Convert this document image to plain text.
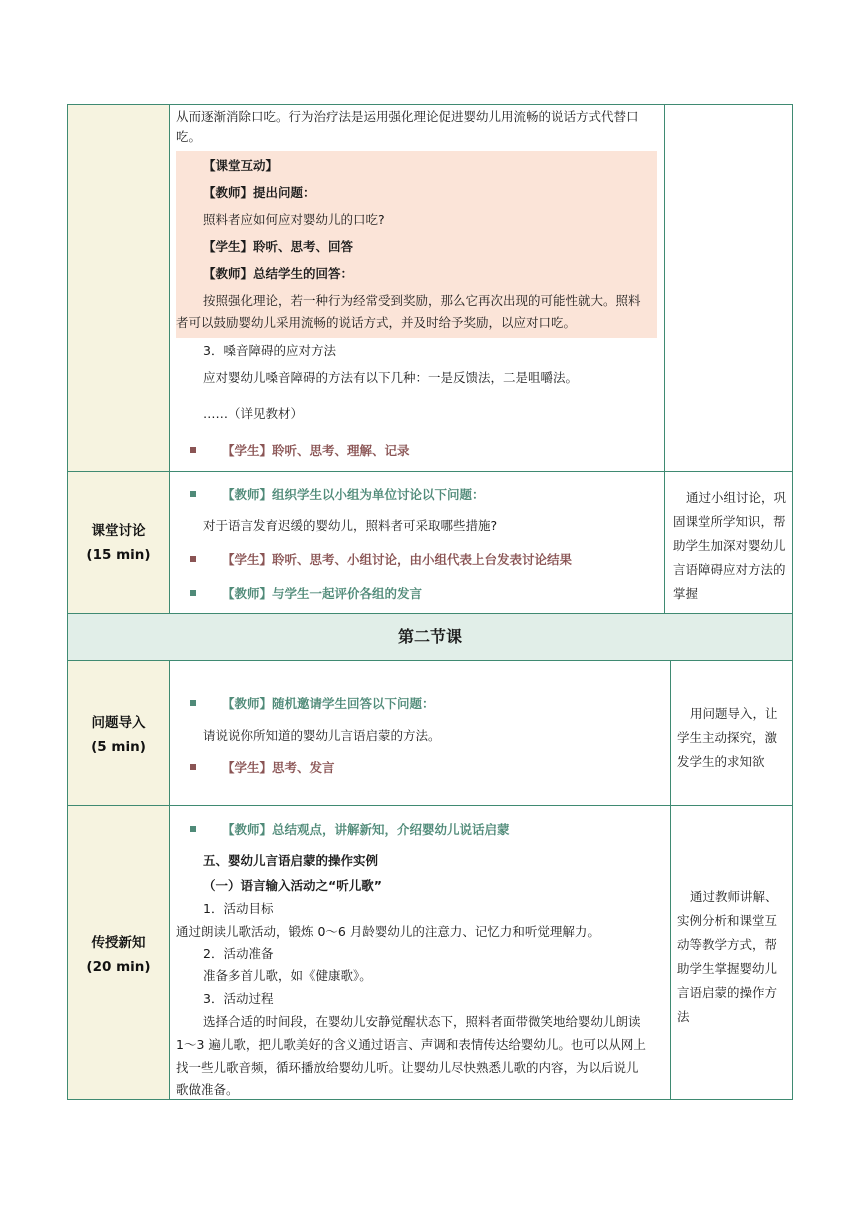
从而逐渐消除口吃。行为治疗法是运用强化理论促进婴幼儿用流畅的说话方式代替口
吃。
【课堂互动】
【教师】提出问题：
照料者应如何应对婴幼儿的口吃?
【学生】聆听、思考、回答
【教师】总结学生的回答：
按照强化理论，若一种行为经常受到奖励，那么它再次出现的可能性就大。照料
者可以鼓励婴幼儿采用流畅的说话方式，并及时给予奖励，以应对口吃。
3．嗓音障碍的应对方法
应对婴幼儿嗓音障碍的方法有以下几种：一是反馈法，二是咀嚼法。
……（详见教材）
【学生】聆听、思考、理解、记录
课堂讨论
(15 min)
【教师】组织学生以小组为单位讨论以下问题：
对于语言发育迟缓的婴幼儿，照料者可采取哪些措施?
【学生】聆听、思考、小组讨论，由小组代表上台发表讨论结果
【教师】与学生一起评价各组的发言
通过小组讨论，巩固课堂所学知识，帮助学生加深对婴幼儿言语障碍应对方法的掌握
第二节课
问题导入
(5 min)
【教师】随机邀请学生回答以下问题：
请说说你所知道的婴幼儿言语启蒙的方法。
【学生】思考、发言
用问题导入，让学生主动探究，激发学生的求知欲
传授新知
(20 min)
【教师】总结观点，讲解新知，介绍婴幼儿说话启蒙
五、婴幼儿言语启蒙的操作实例
（一）语言输入活动之“听儿歌”
1．活动目标
通过朗读儿歌活动，锻炼 0～6 月龄婴幼儿的注意力、记忆力和听觉理解力。
2．活动准备
准备多首儿歌，如《健康歌》。
3．活动过程
选择合适的时间段，在婴幼儿安静觉醒状态下，照料者面带微笑地给婴幼儿朗读
1～3 遍儿歌，把儿歌美好的含义通过语言、声调和表情传达给婴幼儿。也可以从网上
找一些儿歌音频，循环播放给婴幼儿听。让婴幼儿尽快熟悉儿歌的内容，为以后说儿
歌做准备。
通过教师讲解、实例分析和课堂互动等教学方式，帮助学生掌握婴幼儿言语启蒙的操作方法
